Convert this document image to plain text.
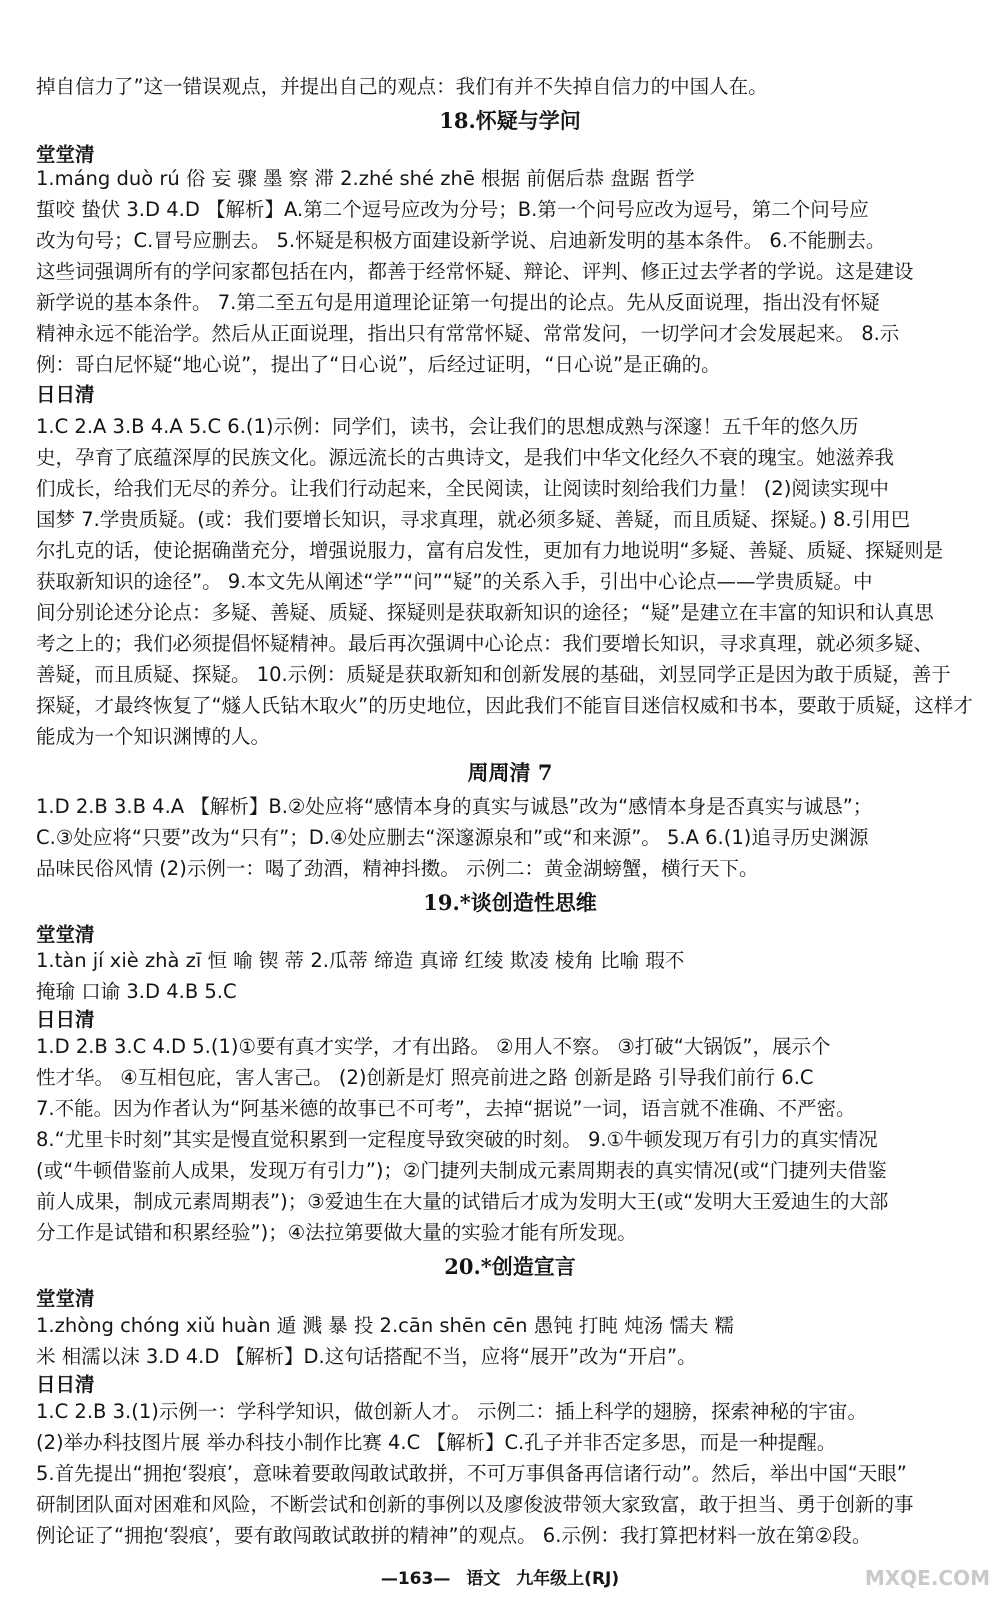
掉自信力了”这一错误观点，并提出自己的观点：我们有并不失掉自信力的中国人在。
18.怀疑与学问
堂堂清
1.máng duò rú 俗 妄 骤 墨 察 滞 2.zhé shé zhē 根据 前倨后恭 盘踞 哲学
蜇咬 蛰伏 3.D 4.D 【解析】A.第二个逗号应改为分号；B.第一个问号应改为逗号，第二个问号应
改为句号；C.冒号应删去。 5.怀疑是积极方面建设新学说、启迪新发明的基本条件。 6.不能删去。
这些词强调所有的学问家都包括在内，都善于经常怀疑、辩论、评判、修正过去学者的学说。这是建设
新学说的基本条件。 7.第二至五句是用道理论证第一句提出的论点。先从反面说理，指出没有怀疑
精神永远不能治学。然后从正面说理，指出只有常常怀疑、常常发问，一切学问才会发展起来。 8.示
例：哥白尼怀疑“地心说”，提出了“日心说”，后经过证明，“日心说”是正确的。
日日清
1.C 2.A 3.B 4.A 5.C 6.(1)示例：同学们，读书，会让我们的思想成熟与深邃！五千年的悠久历
史，孕育了底蕴深厚的民族文化。源远流长的古典诗文，是我们中华文化经久不衰的瑰宝。她滋养我
们成长，给我们无尽的养分。让我们行动起来，全民阅读，让阅读时刻给我们力量！ (2)阅读实现中
国梦 7.学贵质疑。(或：我们要增长知识，寻求真理，就必须多疑、善疑，而且质疑、探疑。) 8.引用巴
尔扎克的话，使论据确凿充分，增强说服力，富有启发性，更加有力地说明“多疑、善疑、质疑、探疑则是
获取新知识的途径”。 9.本文先从阐述“学”“问”“疑”的关系入手，引出中心论点——学贵质疑。中
间分别论述分论点：多疑、善疑、质疑、探疑则是获取新知识的途径；“疑”是建立在丰富的知识和认真思
考之上的；我们必须提倡怀疑精神。最后再次强调中心论点：我们要增长知识，寻求真理，就必须多疑、
善疑，而且质疑、探疑。 10.示例：质疑是获取新知和创新发展的基础，刘昱同学正是因为敢于质疑，善于
探疑，才最终恢复了“燧人氏钻木取火”的历史地位，因此我们不能盲目迷信权威和书本，要敢于质疑，这样才
能成为一个知识渊博的人。
周周清 7
1.D 2.B 3.B 4.A 【解析】B.②处应将“感情本身的真实与诚恳”改为“感情本身是否真实与诚恳”；
C.③处应将“只要”改为“只有”；D.④处应删去“深邃源泉和”或“和来源”。 5.A 6.(1)追寻历史渊源
品味民俗风情 (2)示例一：喝了劲酒，精神抖擞。 示例二：黄金湖螃蟹，横行天下。
19.*谈创造性思维
堂堂清
1.tàn jí xiè zhà zī 恒 喻 锲 蒂 2.瓜蒂 缔造 真谛 红绫 欺凌 棱角 比喻 瑕不
掩瑜 口谕 3.D 4.B 5.C
日日清
1.D 2.B 3.C 4.D 5.(1)①要有真才实学，才有出路。 ②用人不察。 ③打破“大锅饭”，展示个
性才华。 ④互相包庇，害人害己。 (2)创新是灯 照亮前进之路 创新是路 引导我们前行 6.C
7.不能。因为作者认为“阿基米德的故事已不可考”，去掉“据说”一词，语言就不准确、不严密。
8.“尤里卡时刻”其实是慢直觉积累到一定程度导致突破的时刻。 9.①牛顿发现万有引力的真实情况
(或“牛顿借鉴前人成果，发现万有引力”)；②门捷列夫制成元素周期表的真实情况(或“门捷列夫借鉴
前人成果，制成元素周期表”)；③爱迪生在大量的试错后才成为发明大王(或“发明大王爱迪生的大部
分工作是试错和积累经验”)；④法拉第要做大量的实验才能有所发现。
20.*创造宣言
堂堂清
1.zhòng chóng xiǔ huàn 遁 溅 暴 投 2.cān shēn cēn 愚钝 打盹 炖汤 懦夫 糯
米 相濡以沫 3.D 4.D 【解析】D.这句话搭配不当，应将“展开”改为“开启”。
日日清
1.C 2.B 3.(1)示例一：学科学知识，做创新人才。 示例二：插上科学的翅膀，探索神秘的宇宙。
(2)举办科技图片展 举办科技小制作比赛 4.C 【解析】C.孔子并非否定多思，而是一种提醒。
5.首先提出“拥抱‘裂痕’，意味着要敢闯敢试敢拼，不可万事俱备再信诸行动”。然后，举出中国“天眼”
研制团队面对困难和风险，不断尝试和创新的事例以及廖俊波带领大家致富，敢于担当、勇于创新的事
例论证了“拥抱‘裂痕’，要有敢闯敢试敢拼的精神”的观点。 6.示例：我打算把材料一放在第②段。
—163— 语文 九年级上(RJ)	MXQE.COM
